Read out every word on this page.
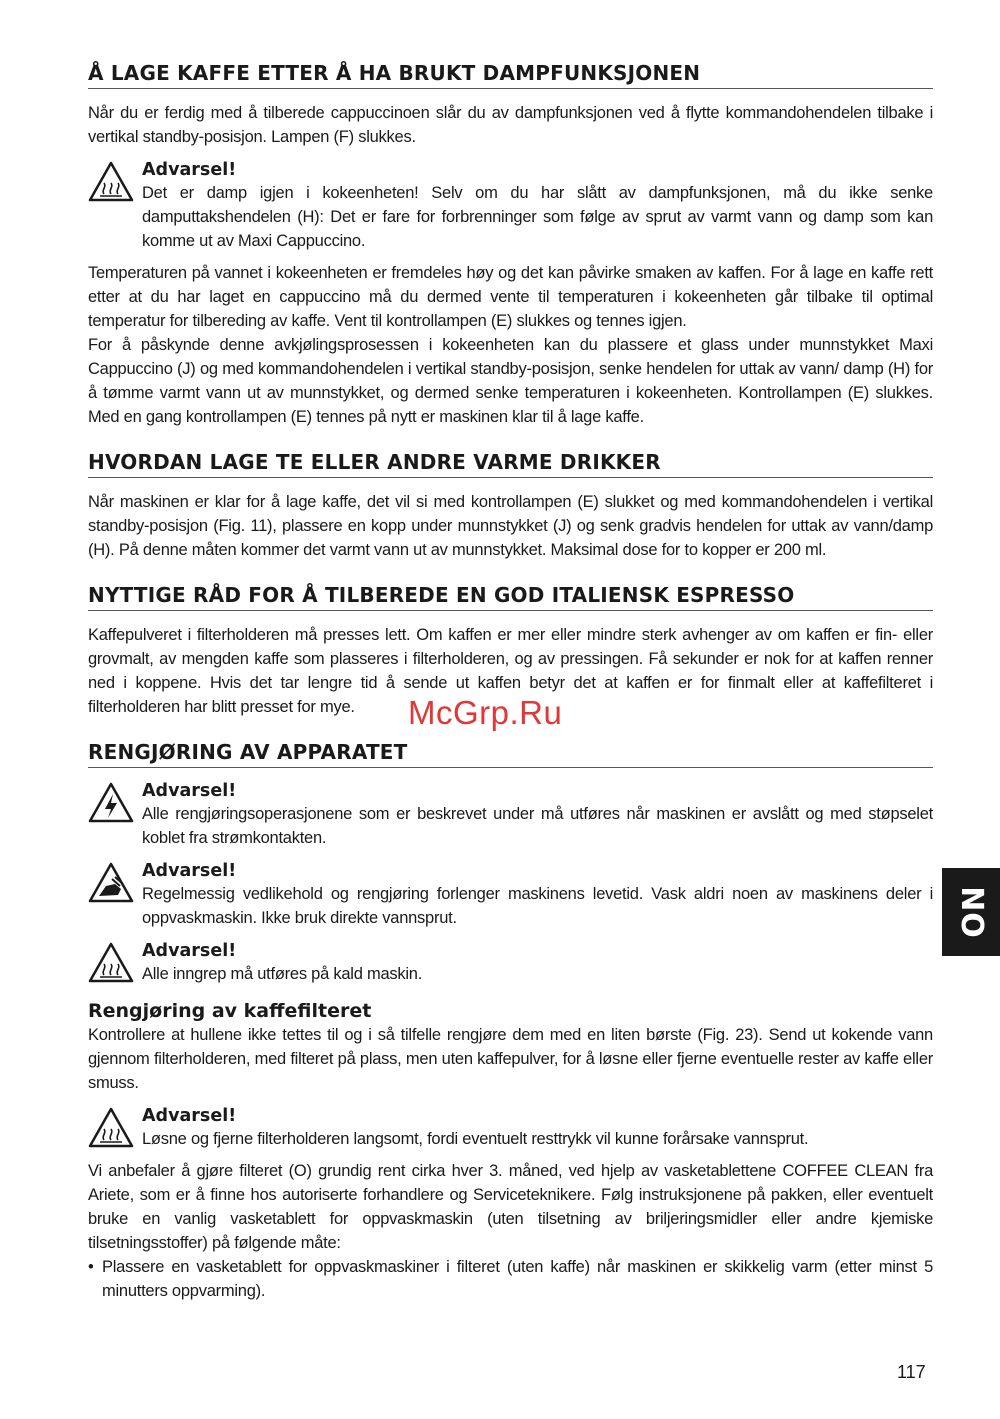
Å LAGE KAFFE ETTER Å HA BRUKT DAMPFUNKSJONEN

Når du er ferdig med å tilberede cappuccinoen slår du av dampfunksjonen ved å flytte kommandohendelen tilbake i vertikal standby-posisjon. Lampen (F) slukkes.

Advarsel!

Det er damp igjen i kokeenheten! Selv om du har slått av dampfunksjonen, må du ikke senke damputtakshendelen (H): Det er fare for forbrenninger som følge av sprut av varmt vann og damp som kan komme ut av Maxi Cappuccino.

Temperaturen på vannet i kokeenheten er fremdeles høy og det kan påvirke smaken av kaffen. For å lage en kaffe rett etter at du har laget en cappuccino må du dermed vente til temperaturen i kokeenheten går tilbake til optimal temperatur for tilbereding av kaffe. Vent til kontrollampen (E) slukkes og tennes igjen.

For å påskynde denne avkjølingsprosessen i kokeenheten kan du plassere et glass under munnstykket Maxi Cappuccino (J) og med kommandohendelen i vertikal standby-posisjon, senke hendelen for uttak av vann/ damp (H) for å tømme varmt vann ut av munnstykket, og dermed senke temperaturen i kokeenheten. Kontrollampen (E) slukkes. Med en gang kontrollampen (E) tennes på nytt er maskinen klar til å lage kaffe.

HVORDAN LAGE TE ELLER ANDRE VARME DRIKKER

Når maskinen er klar for å lage kaffe, det vil si med kontrollampen (E) slukket og med kommandohendelen i vertikal standby-posisjon (Fig. 11), plassere en kopp under munnstykket (J) og senk gradvis hendelen for uttak av vann/damp (H). På denne måten kommer det varmt vann ut av munnstykket. Maksimal dose for to kopper er 200 ml.

NYTTIGE RÅD FOR Å TILBEREDE EN GOD ITALIENSK ESPRESSO

Kaffepulveret i filterholderen må presses lett. Om kaffen er mer eller mindre sterk avhenger av om kaffen er fin- eller grovmalt, av mengden kaffe som plasseres i filterholderen, og av pressingen. Få sekunder er nok for at kaffen renner ned i koppene. Hvis det tar lengre tid å sende ut kaffen betyr det at kaffen er for finmalt eller at kaffefilteret i filterholderen har blitt presset for mye.

RENGJØRING AV APPARATET
Advarsel!

Alle rengjøringsoperasjonene som er beskrevet under må utføres når maskinen er avslått og med støpselet koblet fra strømkontakten.

Advarsel!

Regelmessig vedlikehold og rengjøring forlenger maskinens levetid. Vask aldri noen av maskinens deler i oppvaskmaskin. Ikke bruk direkte vannsprut.

Advarsel!

Alle inngrep må utføres på kald maskin.

Rengjøring av kaffefilteret

Kontrollere at hullene ikke tettes til og i så tilfelle rengjøre dem med en liten børste (Fig. 23). Send ut kokende vann gjennom filterholderen, med filteret på plass, men uten kaffepulver, for å løsne eller fjerne eventuelle rester av kaffe eller smuss.

Advarsel!

Løsne og fjerne filterholderen langsomt, fordi eventuelt resttrykk vil kunne forårsake vannsprut.

Vi anbefaler å gjøre filteret (O) grundig rent cirka hver 3. måned, ved hjelp av vasketablettene COFFEE CLEAN fra Ariete, som er å finne hos autoriserte forhandlere og Serviceteknikere. Følg instruksjonene på pakken, eller eventuelt bruke en vanlig vasketablett for oppvaskmaskin (uten tilsetning av briljeringsmidler eller andre kjemiske tilsetningsstoffer) på følgende måte:

• Plassere en vasketablett for oppvaskmaskiner i filteret (uten kaffe) når maskinen er skikkelig varm (etter minst 5 minutters oppvarming).

McGrp.Ru
NO
117
